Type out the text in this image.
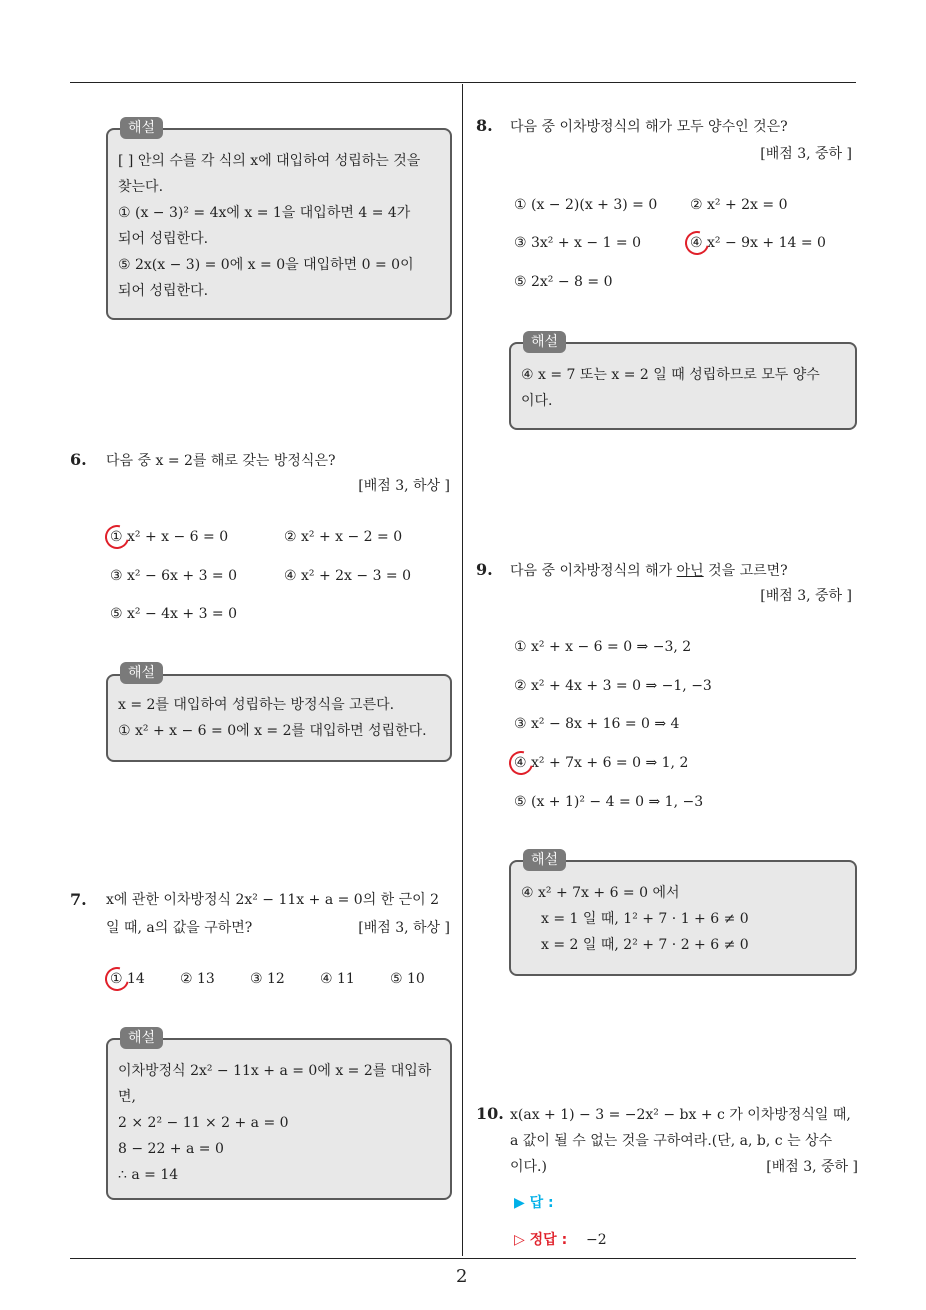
2
해설
[ ] 안의 수를 각 식의 x에 대입하여 성립하는 것을
찾는다.
① (x − 3)² = 4x에 x = 1을 대입하면 4 = 4가
되어 성립한다.
⑤ 2x(x − 3) = 0에 x = 0을 대입하면 0 = 0이
되어 성립한다.
6. 다음 중 x = 2를 해로 갖는 방정식은?
[배점 3, 하상 ]
① x² + x − 6 = 0	② x² + x − 2 = 0
③ x² − 6x + 3 = 0	④ x² + 2x − 3 = 0
⑤ x² − 4x + 3 = 0
해설
x = 2를 대입하여 성립하는 방정식을 고른다.
① x² + x − 6 = 0에 x = 2를 대입하면 성립한다.
7. x에 관한 이차방정식 2x² − 11x + a = 0의 한 근이 2
일 때, a의 값을 구하면?	[배점 3, 하상 ]
① 14	② 13	③ 12	④ 11	⑤ 10
해설
이차방정식 2x² − 11x + a = 0에 x = 2를 대입하
면,
2 × 2² − 11 × 2 + a = 0
8 − 22 + a = 0
∴ a = 14
8. 다음 중 이차방정식의 해가 모두 양수인 것은?
[배점 3, 중하 ]
① (x − 2)(x + 3) = 0 ② x² + 2x = 0
③ 3x² + x − 1 = 0	④ x² − 9x + 14 = 0
⑤ 2x² − 8 = 0
해설
④ x = 7 또는 x = 2 일 때 성립하므로 모두 양수
이다.
9. 다음 중 이차방정식의 해가 아닌 것을 고르면?
[배점 3, 중하 ]
① x² + x − 6 = 0 ⇒ −3, 2
② x² + 4x + 3 = 0 ⇒ −1, −3
③ x² − 8x + 16 = 0 ⇒ 4
④ x² + 7x + 6 = 0 ⇒ 1, 2
⑤ (x + 1)² − 4 = 0 ⇒ 1, −3
해설
④ x² + 7x + 6 = 0 에서
x = 1 일 때, 1² + 7 · 1 + 6 ≠ 0
x = 2 일 때, 2² + 7 · 2 + 6 ≠ 0
10. x(ax + 1) − 3 = −2x² − bx + c 가 이차방정식일 때,
a 값이 될 수 없는 것을 구하여라.(단, a, b, c 는 상수
이다.)	[배점 3, 중하 ]
▶ 답 :
▷ 정답 : −2
